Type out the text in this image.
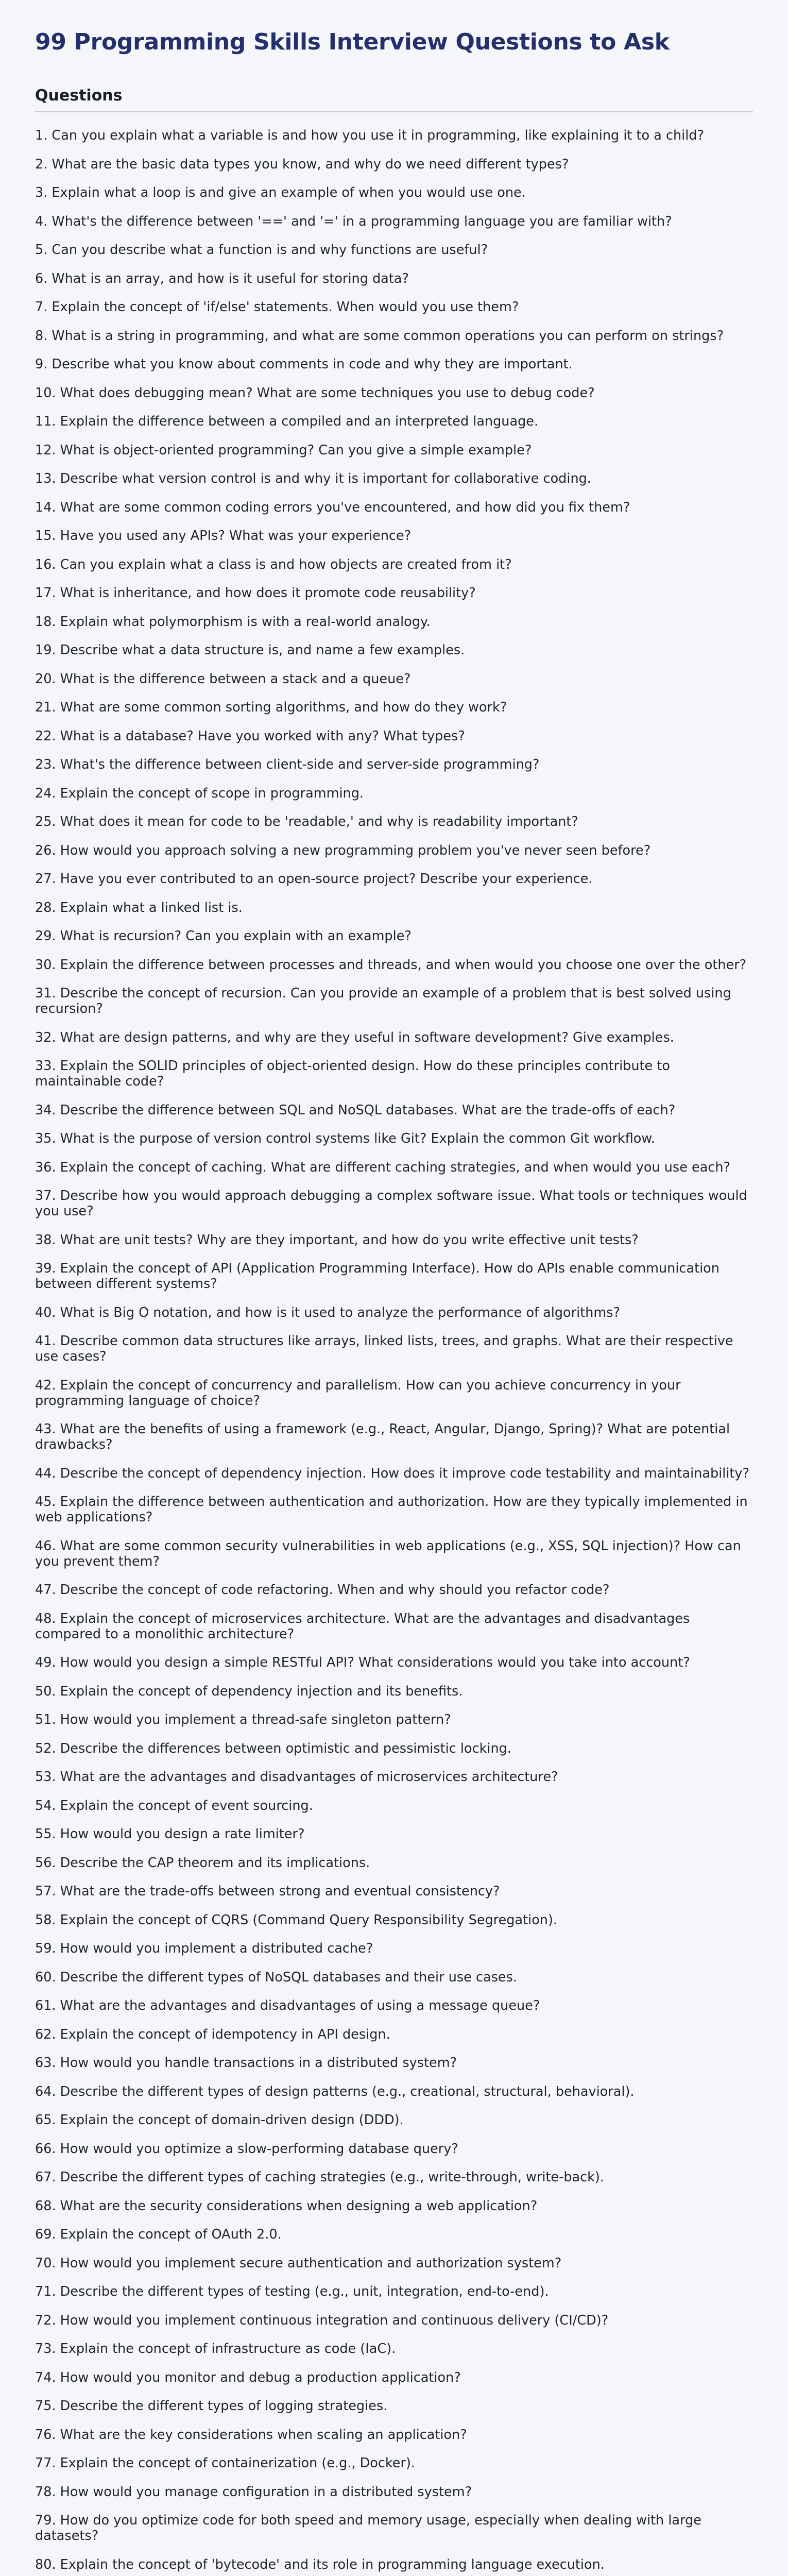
99 Programming Skills Interview Questions to Ask
Questions
1. Can you explain what a variable is and how you use it in programming, like explaining it to a child?
2. What are the basic data types you know, and why do we need different types?
3. Explain what a loop is and give an example of when you would use one.
4. What's the difference between '==' and '=' in a programming language you are familiar with?
5. Can you describe what a function is and why functions are useful?
6. What is an array, and how is it useful for storing data?
7. Explain the concept of 'if/else' statements. When would you use them?
8. What is a string in programming, and what are some common operations you can perform on strings?
9. Describe what you know about comments in code and why they are important.
10. What does debugging mean? What are some techniques you use to debug code?
11. Explain the difference between a compiled and an interpreted language.
12. What is object-oriented programming? Can you give a simple example?
13. Describe what version control is and why it is important for collaborative coding.
14. What are some common coding errors you've encountered, and how did you fix them?
15. Have you used any APIs? What was your experience?
16. Can you explain what a class is and how objects are created from it?
17. What is inheritance, and how does it promote code reusability?
18. Explain what polymorphism is with a real-world analogy.
19. Describe what a data structure is, and name a few examples.
20. What is the difference between a stack and a queue?
21. What are some common sorting algorithms, and how do they work?
22. What is a database? Have you worked with any? What types?
23. What's the difference between client-side and server-side programming?
24. Explain the concept of scope in programming.
25. What does it mean for code to be 'readable,' and why is readability important?
26. How would you approach solving a new programming problem you've never seen before?
27. Have you ever contributed to an open-source project? Describe your experience.
28. Explain what a linked list is.
29. What is recursion? Can you explain with an example?
30. Explain the difference between processes and threads, and when would you choose one over the other?
31. Describe the concept of recursion. Can you provide an example of a problem that is best solved using recursion?
32. What are design patterns, and why are they useful in software development? Give examples.
33. Explain the SOLID principles of object-oriented design. How do these principles contribute to maintainable code?
34. Describe the difference between SQL and NoSQL databases. What are the trade-offs of each?
35. What is the purpose of version control systems like Git? Explain the common Git workflow.
36. Explain the concept of caching. What are different caching strategies, and when would you use each?
37. Describe how you would approach debugging a complex software issue. What tools or techniques would you use?
38. What are unit tests? Why are they important, and how do you write effective unit tests?
39. Explain the concept of API (Application Programming Interface). How do APIs enable communication between different systems?
40. What is Big O notation, and how is it used to analyze the performance of algorithms?
41. Describe common data structures like arrays, linked lists, trees, and graphs. What are their respective use cases?
42. Explain the concept of concurrency and parallelism. How can you achieve concurrency in your programming language of choice?
43. What are the benefits of using a framework (e.g., React, Angular, Django, Spring)? What are potential drawbacks?
44. Describe the concept of dependency injection. How does it improve code testability and maintainability?
45. Explain the difference between authentication and authorization. How are they typically implemented in web applications?
46. What are some common security vulnerabilities in web applications (e.g., XSS, SQL injection)? How can you prevent them?
47. Describe the concept of code refactoring. When and why should you refactor code?
48. Explain the concept of microservices architecture. What are the advantages and disadvantages compared to a monolithic architecture?
49. How would you design a simple RESTful API? What considerations would you take into account?
50. Explain the concept of dependency injection and its benefits.
51. How would you implement a thread-safe singleton pattern?
52. Describe the differences between optimistic and pessimistic locking.
53. What are the advantages and disadvantages of microservices architecture?
54. Explain the concept of event sourcing.
55. How would you design a rate limiter?
56. Describe the CAP theorem and its implications.
57. What are the trade-offs between strong and eventual consistency?
58. Explain the concept of CQRS (Command Query Responsibility Segregation).
59. How would you implement a distributed cache?
60. Describe the different types of NoSQL databases and their use cases.
61. What are the advantages and disadvantages of using a message queue?
62. Explain the concept of idempotency in API design.
63. How would you handle transactions in a distributed system?
64. Describe the different types of design patterns (e.g., creational, structural, behavioral).
65. Explain the concept of domain-driven design (DDD).
66. How would you optimize a slow-performing database query?
67. Describe the different types of caching strategies (e.g., write-through, write-back).
68. What are the security considerations when designing a web application?
69. Explain the concept of OAuth 2.0.
70. How would you implement secure authentication and authorization system?
71. Describe the different types of testing (e.g., unit, integration, end-to-end).
72. How would you implement continuous integration and continuous delivery (CI/CD)?
73. Explain the concept of infrastructure as code (IaC).
74. How would you monitor and debug a production application?
75. Describe the different types of logging strategies.
76. What are the key considerations when scaling an application?
77. Explain the concept of containerization (e.g., Docker).
78. How would you manage configuration in a distributed system?
79. How do you optimize code for both speed and memory usage, especially when dealing with large datasets?
80. Explain the concept of 'bytecode' and its role in programming language execution.
